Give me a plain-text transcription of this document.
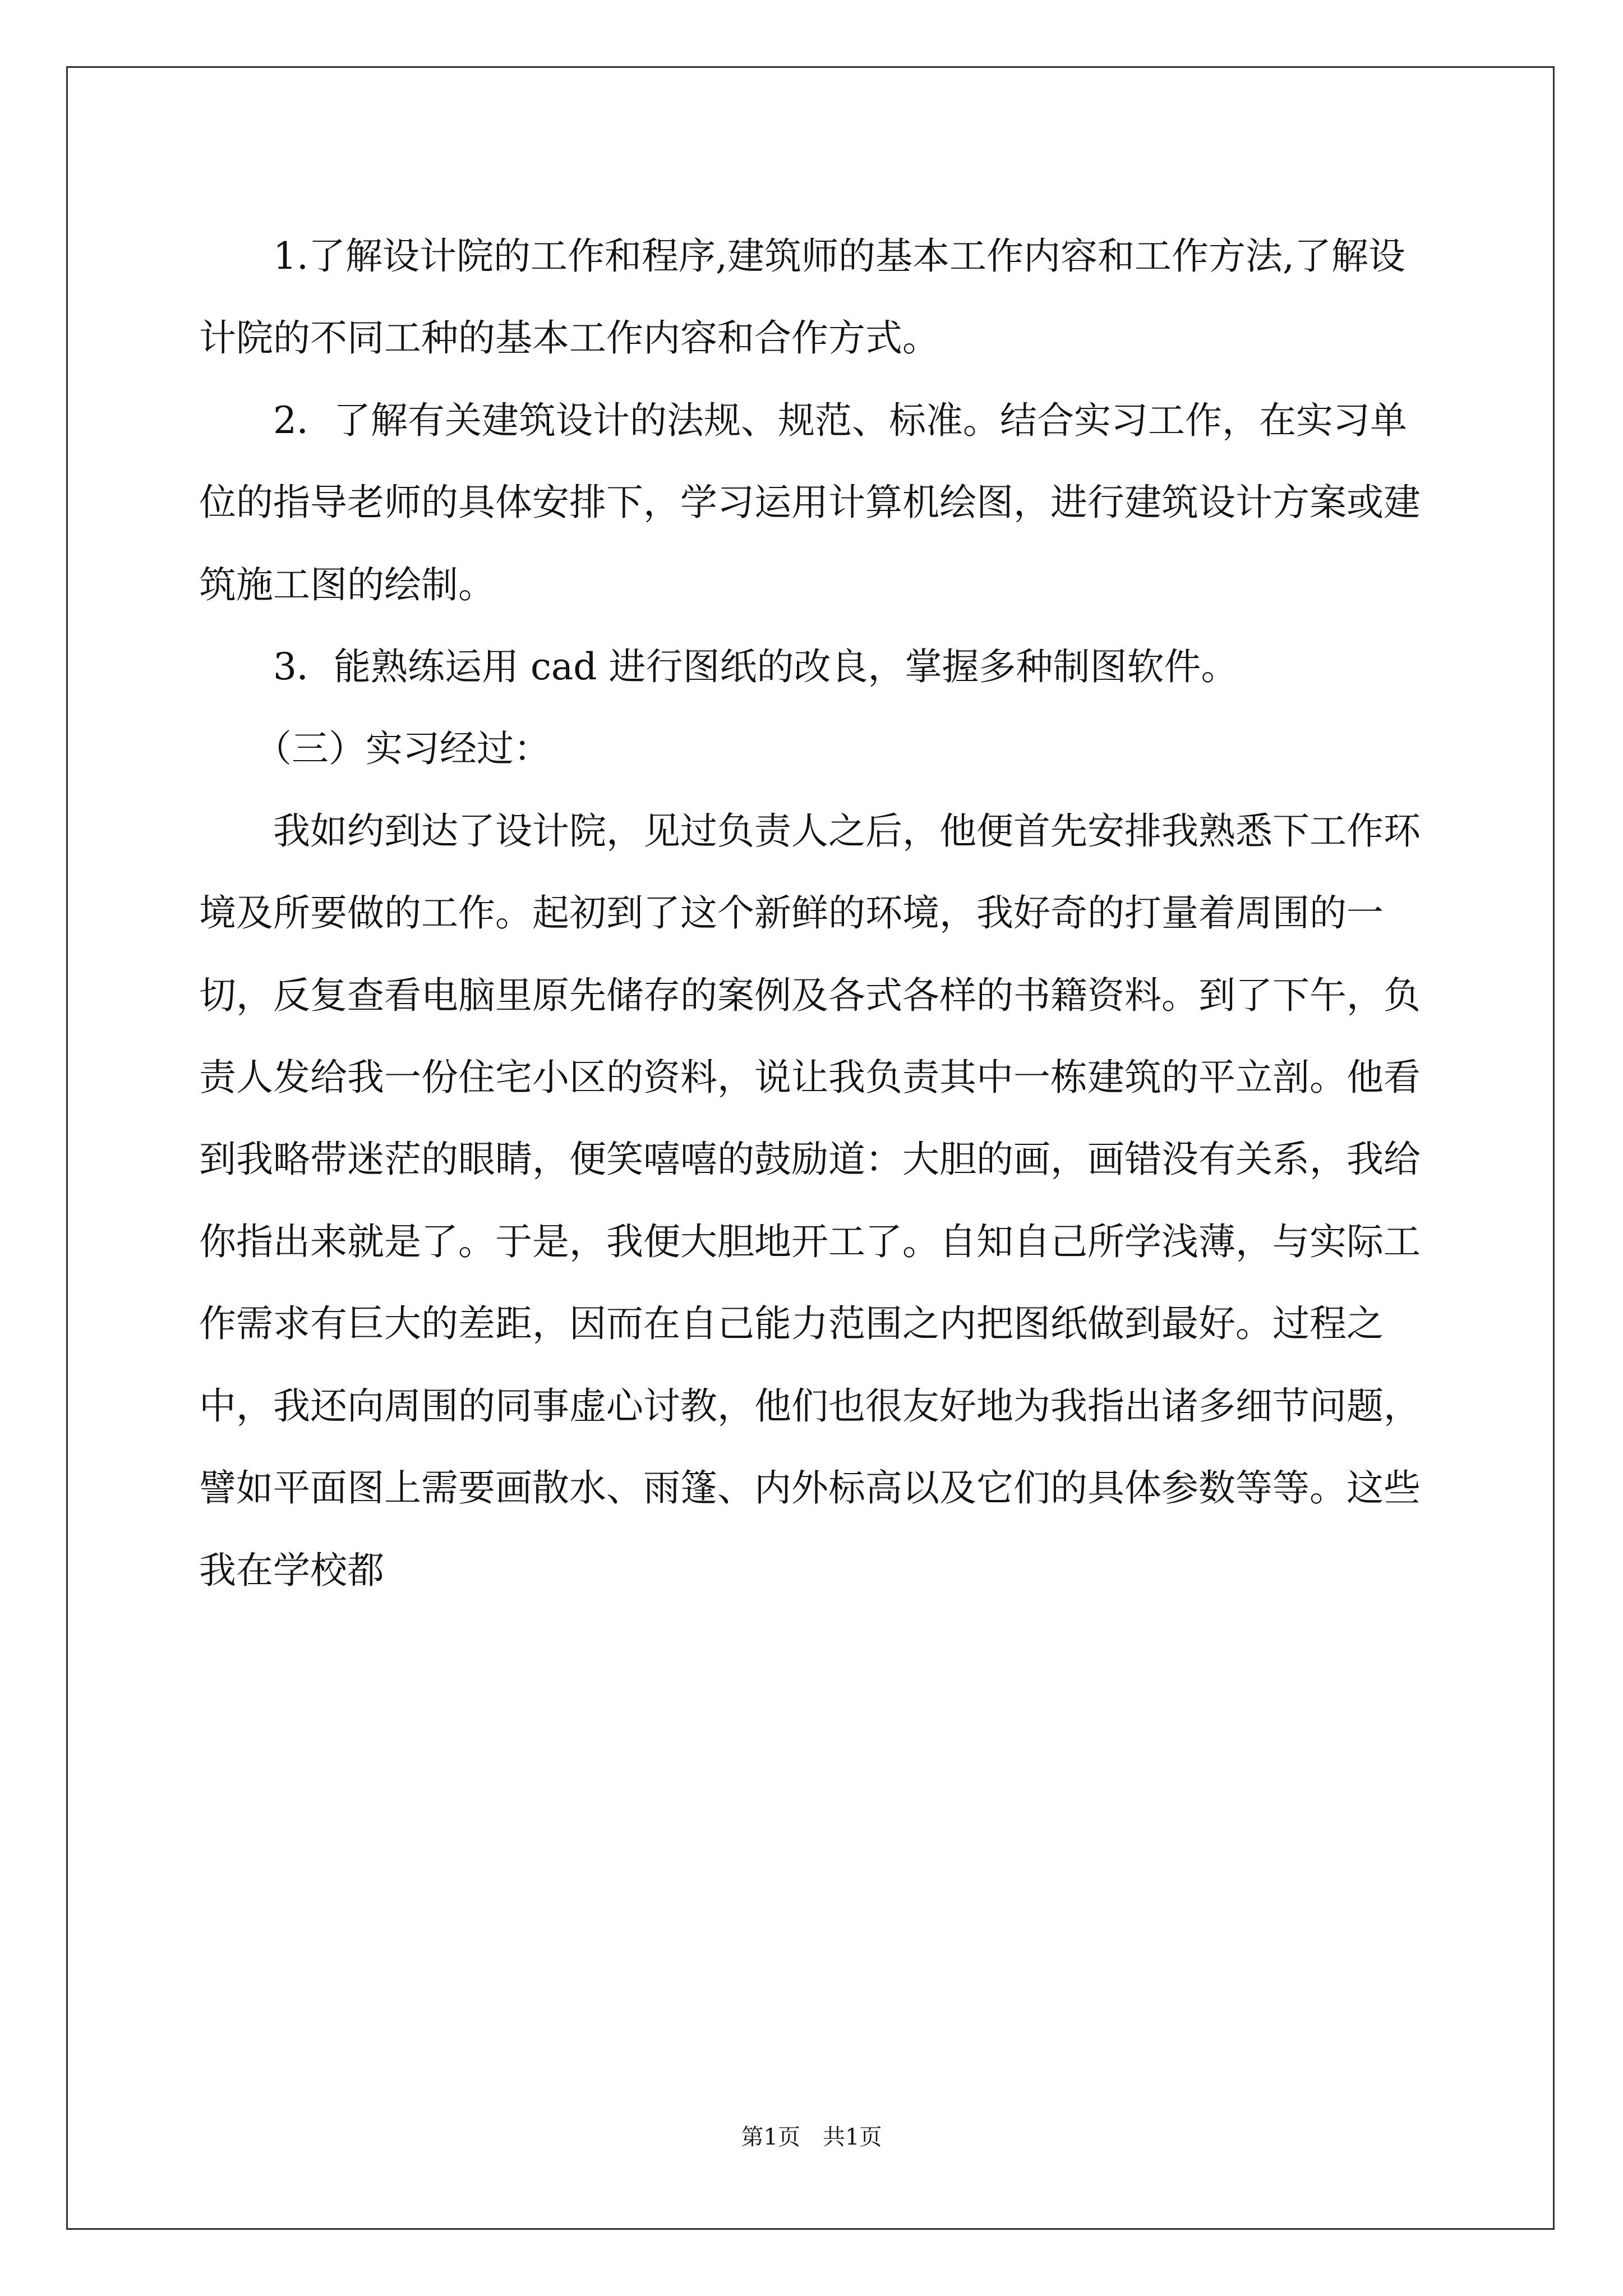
1.了解设计院的工作和程序,建筑师的基本工作内容和工作方法,了解设计院的不同工种的基本工作内容和合作方式。

2．了解有关建筑设计的法规、规范、标准。结合实习工作，在实习单位的指导老师的具体安排下，学习运用计算机绘图，进行建筑设计方案或建筑施工图的绘制。

3．能熟练运用 cad 进行图纸的改良，掌握多种制图软件。

（三）实习经过：

我如约到达了设计院，见过负责人之后，他便首先安排我熟悉下工作环境及所要做的工作。起初到了这个新鲜的环境，我好奇的打量着周围的一切，反复查看电脑里原先储存的案例及各式各样的书籍资料。到了下午，负责人发给我一份住宅小区的资料，说让我负责其中一栋建筑的平立剖。他看到我略带迷茫的眼睛，便笑嘻嘻的鼓励道：大胆的画，画错没有关系，我给你指出来就是了。于是，我便大胆地开工了。自知自己所学浅薄，与实际工作需求有巨大的差距，因而在自己能力范围之内把图纸做到最好。过程之中，我还向周围的同事虚心讨教，他们也很友好地为我指出诸多细节问题，譬如平面图上需要画散水、雨篷、内外标高以及它们的具体参数等等。这些我在学校都

第1页　共1页
